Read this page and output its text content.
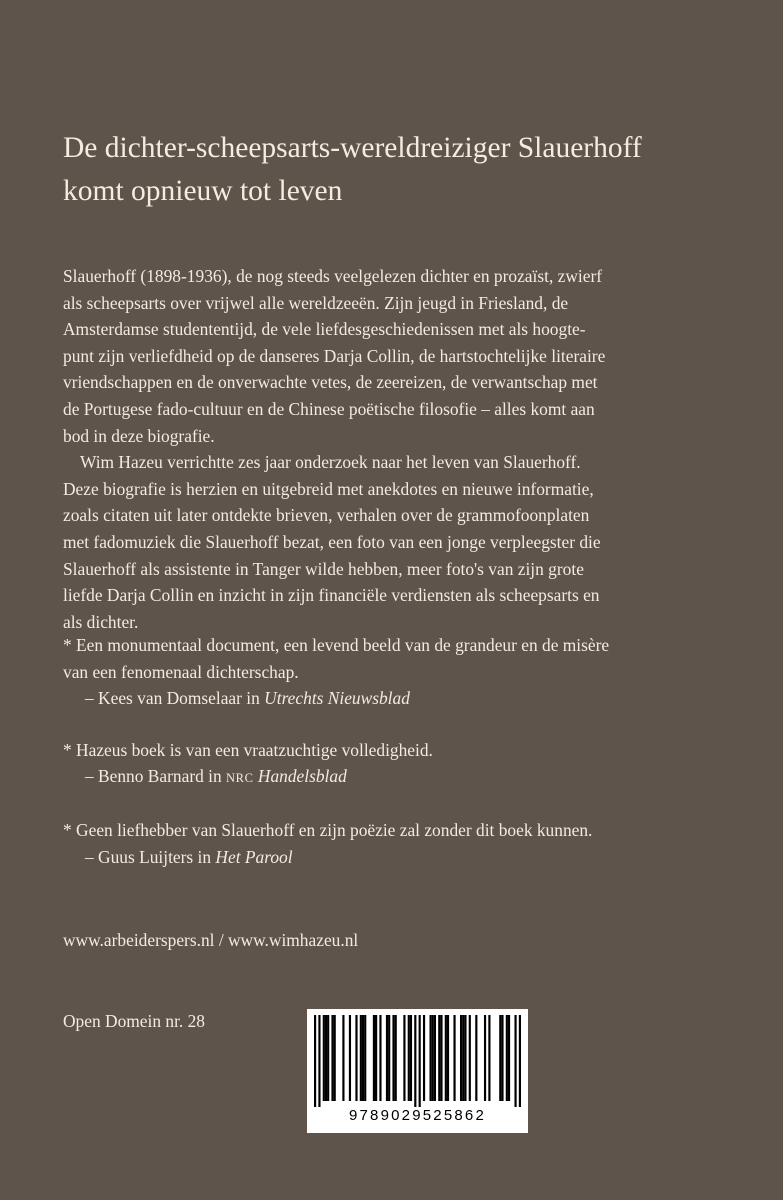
De dichter-scheepsarts-wereldreiziger Slauerhoff
komt opnieuw tot leven
Slauerhoff (1898-1936), de nog steeds veelgelezen dichter en prozaïst, zwierf
als scheepsarts over vrijwel alle wereldzeeën. Zijn jeugd in Friesland, de
Amsterdamse studententijd, de vele liefdesgeschiedenissen met als hoogte-
punt zijn verliefdheid op de danseres Darja Collin, de hartstochtelijke literaire
vriendschappen en de onverwachte vetes, de zeereizen, de verwantschap met
de Portugese fado-cultuur en de Chinese poëtische filosofie – alles komt aan
bod in deze biografie.
Wim Hazeu verrichtte zes jaar onderzoek naar het leven van Slauerhoff.
Deze biografie is herzien en uitgebreid met anekdotes en nieuwe informatie,
zoals citaten uit later ontdekte brieven, verhalen over de grammofoonplaten
met fadomuziek die Slauerhoff bezat, een foto van een jonge verpleegster die
Slauerhoff als assistente in Tanger wilde hebben, meer foto's van zijn grote
liefde Darja Collin en inzicht in zijn financiële verdiensten als scheepsarts en
als dichter.
* Een monumentaal document, een levend beeld van de grandeur en de misère
van een fenomenaal dichterschap.
– Kees van Domselaar in Utrechts Nieuwsblad
* Hazeus boek is van een vraatzuchtige volledigheid.
– Benno Barnard in NRC Handelsblad
* Geen liefhebber van Slauerhoff en zijn poëzie zal zonder dit boek kunnen.
– Guus Luijters in Het Parool
www.arbeiderspers.nl / www.wimhazeu.nl
Open Domein nr. 28
9789029525862
